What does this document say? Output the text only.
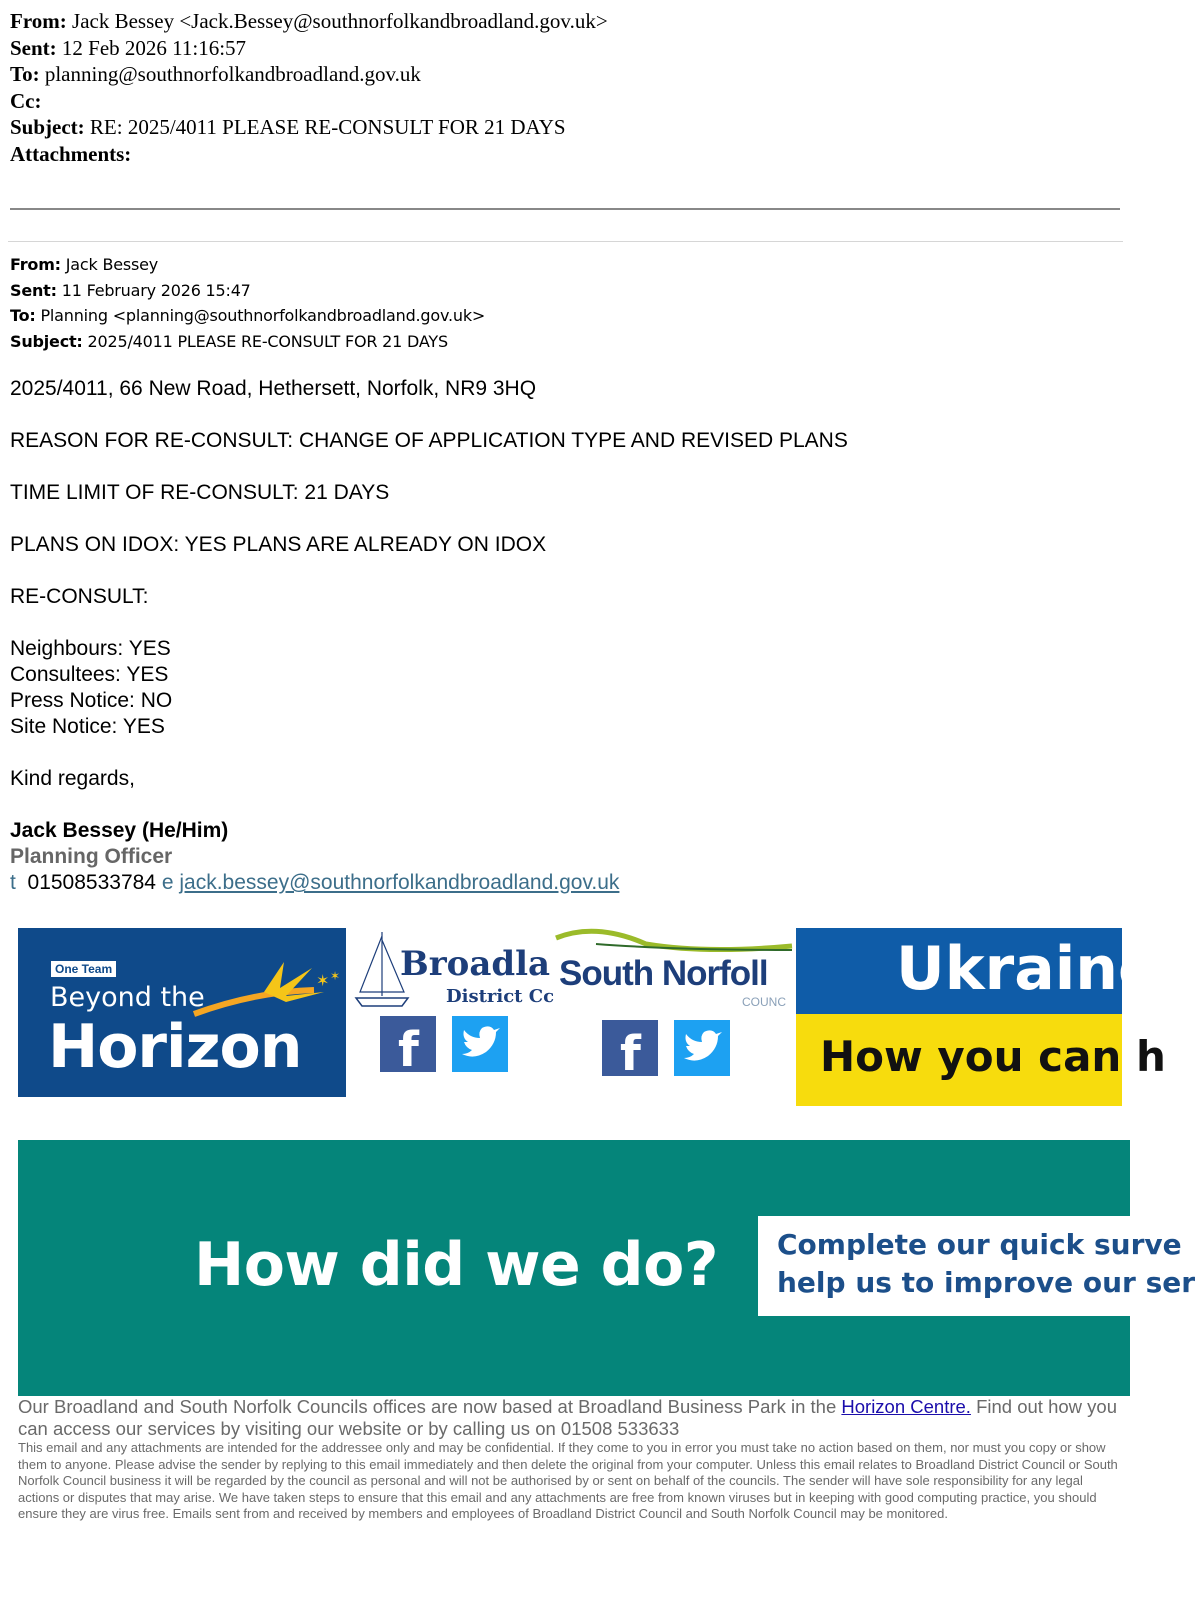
From: Jack Bessey <Jack.Bessey@southnorfolkandbroadland.gov.uk>
Sent: 12 Feb 2026 11:16:57
To: planning@southnorfolkandbroadland.gov.uk
Cc:
Subject: RE: 2025/4011 PLEASE RE-CONSULT FOR 21 DAYS
Attachments:
From: Jack Bessey
Sent: 11 February 2026 15:47
To: Planning <planning@southnorfolkandbroadland.gov.uk>
Subject: 2025/4011 PLEASE RE-CONSULT FOR 21 DAYS
2025/4011, 66 New Road, Hethersett, Norfolk, NR9 3HQ
REASON FOR RE-CONSULT: CHANGE OF APPLICATION TYPE AND REVISED PLANS
TIME LIMIT OF RE-CONSULT: 21 DAYS
PLANS ON IDOX: YES PLANS ARE ALREADY ON IDOX
RE-CONSULT:
Neighbours: YES
Consultees: YES
Press Notice: NO
Site Notice: YES
Kind regards,
Jack Bessey (He/Him)
Planning Officer
t 01508533784 e jack.bessey@southnorfolkandbroadland.gov.uk
One Team
Beyond the
Horizon
✶ ✶ Broadla
District Cc
South Norfoll
COUNC
f	f
Ukraine
How you can h
How did we do? Complete our quick surve
help us to improve our ser
Our Broadland and South Norfolk Councils offices are now based at Broadland Business Park in the Horizon Centre. Find out how you can access our services by visiting our website or by calling us on 01508 533633
This email and any attachments are intended for the addressee only and may be confidential. If they come to you in error you must take no action based on them, nor must you copy or show them to anyone. Please advise the sender by replying to this email immediately and then delete the original from your computer. Unless this email relates to Broadland District Council or South Norfolk Council business it will be regarded by the council as personal and will not be authorised by or sent on behalf of the councils. The sender will have sole responsibility for any legal actions or disputes that may arise. We have taken steps to ensure that this email and any attachments are free from known viruses but in keeping with good computing practice, you should ensure they are virus free. Emails sent from and received by members and employees of Broadland District Council and South Norfolk Council may be monitored.
